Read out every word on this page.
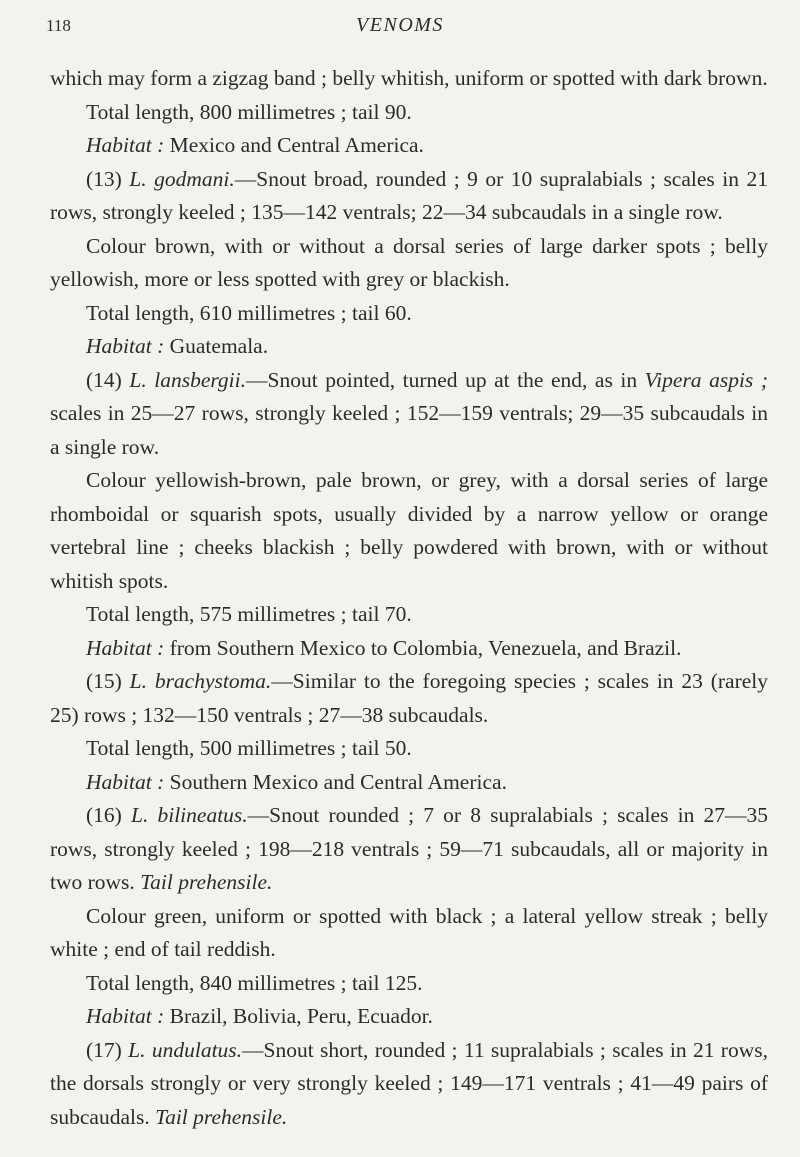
118	VENOMS

which may form a zigzag band ; belly whitish, uniform or spotted with dark brown.

Total length, 800 millimetres ; tail 90.

Habitat : Mexico and Central America.

(13) L. godmani.—Snout broad, rounded ; 9 or 10 supralabials ; scales in 21 rows, strongly keeled ; 135—142 ventrals; 22—34 subcaudals in a single row.

Colour brown, with or without a dorsal series of large darker spots ; belly yellowish, more or less spotted with grey or blackish.

Total length, 610 millimetres ; tail 60.

Habitat : Guatemala.

(14) L. lansbergii.—Snout pointed, turned up at the end, as in Vipera aspis ; scales in 25—27 rows, strongly keeled ; 152—159 ventrals; 29—35 subcaudals in a single row.

Colour yellowish-brown, pale brown, or grey, with a dorsal series of large rhomboidal or squarish spots, usually divided by a narrow yellow or orange vertebral line ; cheeks blackish ; belly powdered with brown, with or without whitish spots.

Total length, 575 millimetres ; tail 70.

Habitat : from Southern Mexico to Colombia, Venezuela, and Brazil.

(15) L. brachystoma.—Similar to the foregoing species ; scales in 23 (rarely 25) rows ; 132—150 ventrals ; 27—38 subcaudals.

Total length, 500 millimetres ; tail 50.

Habitat : Southern Mexico and Central America.

(16) L. bilineatus.—Snout rounded ; 7 or 8 supralabials ; scales in 27—35 rows, strongly keeled ; 198—218 ventrals ; 59—71 subcaudals, all or majority in two rows. Tail prehensile.

Colour green, uniform or spotted with black ; a lateral yellow streak ; belly white ; end of tail reddish.

Total length, 840 millimetres ; tail 125.

Habitat : Brazil, Bolivia, Peru, Ecuador.

(17) L. undulatus.—Snout short, rounded ; 11 supralabials ; scales in 21 rows, the dorsals strongly or very strongly keeled ; 149—171 ventrals ; 41—49 pairs of subcaudals. Tail prehensile.
